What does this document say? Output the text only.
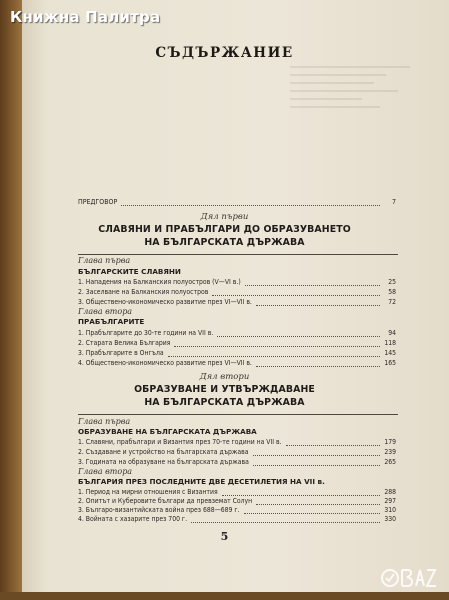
Книжна Палитра
СЪДЪРЖАНИЕ
ПРЕДГОВОР	7
Дял първи
СЛАВЯНИ И ПРАБЪЛГАРИ ДО ОБРАЗУВАНЕТО
НА БЪЛГАРСКАТА ДЪРЖАВА
Глава първа
БЪЛГАРСКИТЕ СЛАВЯНИ
1. Нападения на Балканския полуостров (V—VI в.)	25
2. Заселване на Балканския полуостров	58
3. Обществено-икономическо развитие през VI—VII в.	72
Глава втора
ПРАБЪЛГАРИТЕ
1. Прабългарите до 30-те години на VII в.	94
2. Старата Велика България	118
3. Прабългарите в Онгъла	145
4. Обществено-икономическо развитие през VI—VII в.	165
Дял втори
ОБРАЗУВАНЕ И УТВЪРЖДАВАНЕ
НА БЪЛГАРСКАТА ДЪРЖАВА
Глава първа
ОБРАЗУВАНЕ НА БЪЛГАРСКАТА ДЪРЖАВА
1. Славяни, прабългари и Византия през 70-те години на VII в.	179
2. Създаване и устройство на българската държава	239
3. Годината на образуване на българската държава	265
Глава втора
БЪЛГАРИЯ ПРЕЗ ПОСЛЕДНИТЕ ДВЕ ДЕСЕТИЛЕТИЯ НА VII в.
1. Период на мирни отношения с Византия	288
2. Опитът и Куберовите българи да превземат Солун	297
3. Българо-византийската война през 688—689 г.	310
4. Войната с хазарите през 700 г.	330
5
